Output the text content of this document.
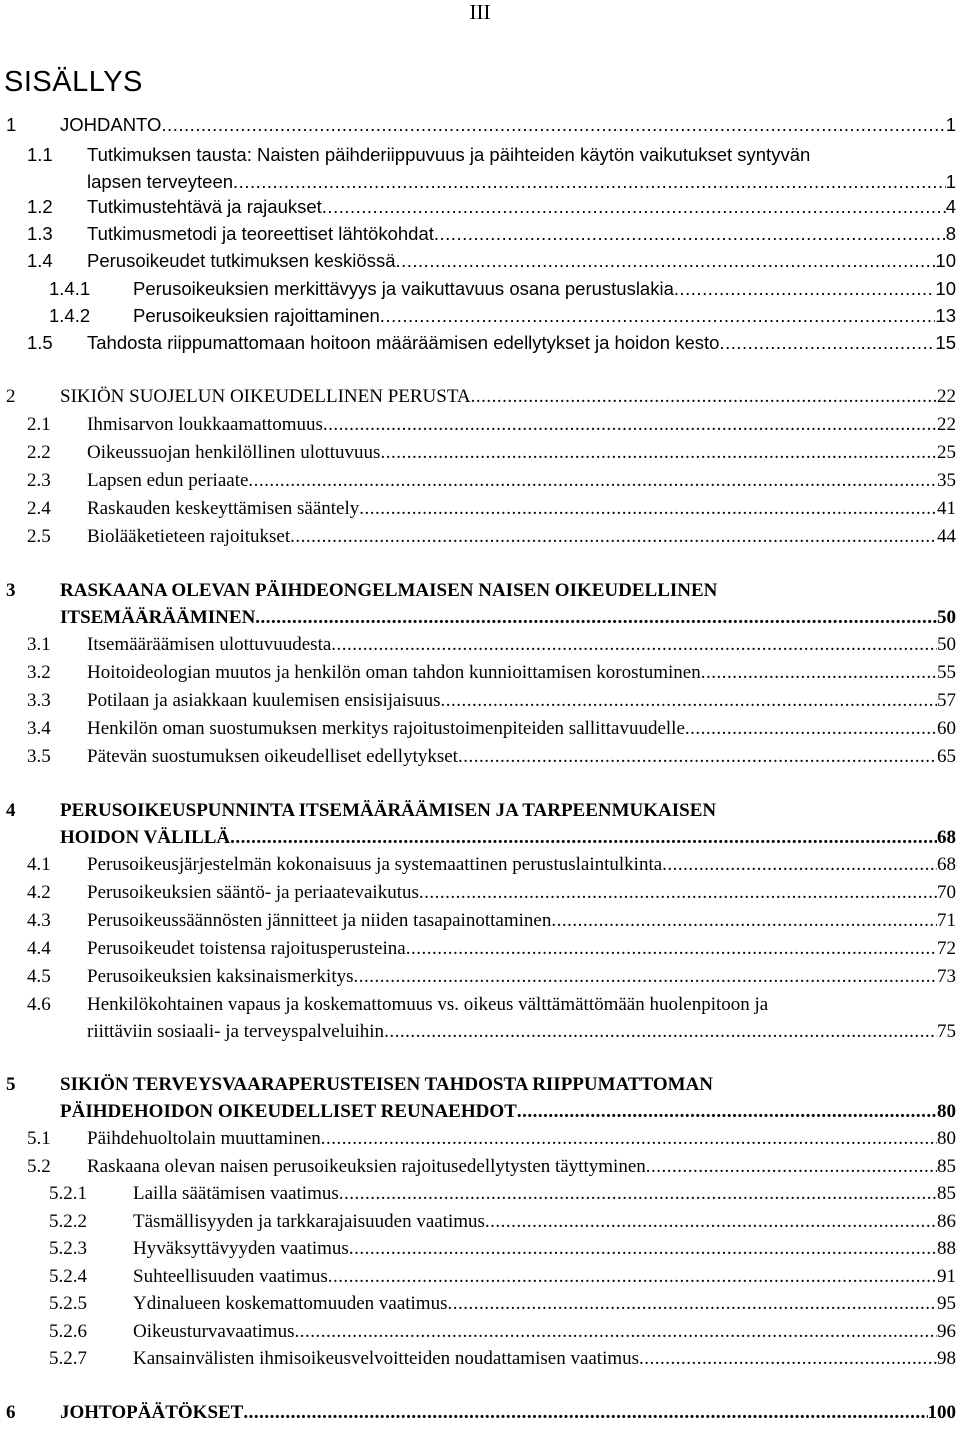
III
SISÄLLYS
1 JOHDANTO .....	1
1.1 Tutkimuksen tausta: Naisten päihderiippuvuus ja päihteiden käytön vaikutukset syntyvän
lapsen terveyteen .....	1
1.2 Tutkimustehtävä ja rajaukset .....	4
1.3 Tutkimusmetodi ja teoreettiset lähtökohdat .....	8
1.4 Perusoikeudet tutkimuksen keskiössä .....	10
1.4.1 Perusoikeuksien merkittävyys ja vaikuttavuus osana perustuslakia .....	10
1.4.2 Perusoikeuksien rajoittaminen .....	13
1.5 Tahdosta riippumattomaan hoitoon määräämisen edellytykset ja hoidon kesto .....	15
2 SIKIÖN SUOJELUN OIKEUDELLINEN PERUSTA .....	22
2.1 Ihmisarvon loukkaamattomuus .....	22
2.2 Oikeussuojan henkilöllinen ulottuvuus .....	25
2.3 Lapsen edun periaate .....	35
2.4 Raskauden keskeyttämisen sääntely .....	41
2.5 Biolääketieteen rajoitukset .....	44
3 RASKAANA OLEVAN PÄIHDEONGELMAISEN NAISEN OIKEUDELLINEN
ITSEMÄÄRÄÄMINEN .....	50
3.1 Itsemääräämisen ulottuvuudesta .....	50
3.2 Hoitoideologian muutos ja henkilön oman tahdon kunnioittamisen korostuminen .....	55
3.3 Potilaan ja asiakkaan kuulemisen ensisijaisuus .....	57
3.4 Henkilön oman suostumuksen merkitys rajoitustoimenpiteiden sallittavuudelle .....	60
3.5 Pätevän suostumuksen oikeudelliset edellytykset .....	65
4 PERUSOIKEUSPUNNINTA ITSEMÄÄRÄÄMISEN JA TARPEENMUKAISEN
HOIDON VÄLILLÄ .....	68
4.1 Perusoikeusjärjestelmän kokonaisuus ja systemaattinen perustuslaintulkinta .....	68
4.2 Perusoikeuksien sääntö- ja periaatevaikutus .....	70
4.3 Perusoikeussäännösten jännitteet ja niiden tasapainottaminen .....	71
4.4 Perusoikeudet toistensa rajoitusperusteina .....	72
4.5 Perusoikeuksien kaksinaismerkitys .....	73
4.6 Henkilökohtainen vapaus ja koskemattomuus vs. oikeus välttämättömään huolenpitoon ja
riittäviin sosiaali- ja terveyspalveluihin .....	75
5 SIKIÖN TERVEYSVAARAPERUSTEISEN TAHDOSTA RIIPPUMATTOMAN
PÄIHDEHOIDON OIKEUDELLISET REUNAEHDOT .....	80
5.1 Päihdehuoltolain muuttaminen .....	80
5.2 Raskaana olevan naisen perusoikeuksien rajoitusedellytysten täyttyminen .....	85
5.2.1 Lailla säätämisen vaatimus .....	85
5.2.2 Täsmällisyyden ja tarkkarajaisuuden vaatimus .....	86
5.2.3 Hyväksyttävyyden vaatimus .....	88
5.2.4 Suhteellisuuden vaatimus .....	91
5.2.5 Ydinalueen koskemattomuuden vaatimus .....	95
5.2.6 Oikeusturvavaatimus .....	96
5.2.7 Kansainvälisten ihmisoikeusvelvoitteiden noudattamisen vaatimus .....	98
6 JOHTOPÄÄTÖKSET .....	100
